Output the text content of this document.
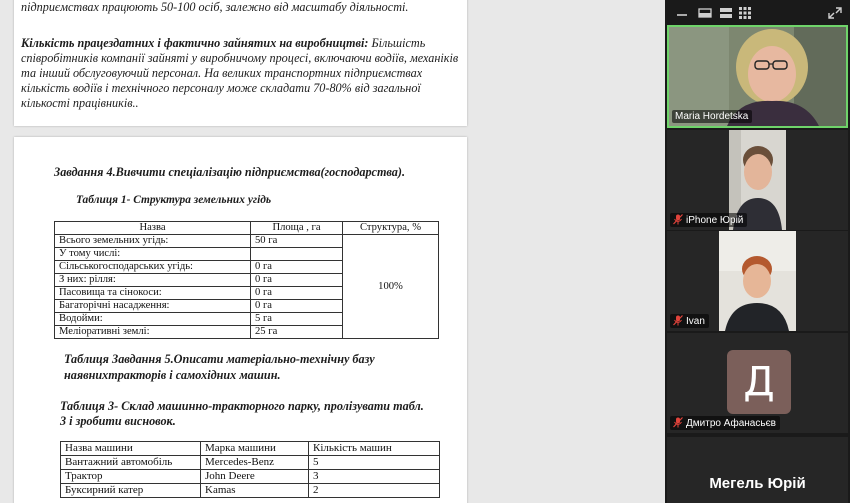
підприємствах працюють 50-100 осіб, залежно від масштабу діяльності.
Кількість працездатних і фактично зайнятих на виробництві: Більшість співробітників компанії зайняті у виробничому процесі, включаючи водіїв, механіків та інший обслуговуючий персонал. На великих транспортних підприємствах кількість водіїв і технічного персоналу може складати 70-80% від загальної кількості працівників..
Завдання 4.Вивчити спеціалізацію підприємства(господарства).
Таблиця 1- Структура земельних угідь
Назва	Площа , га	Структура, %
Всього земельних угідь:	50 га	100%
У тому числі:		
Сільськогосподарських угідь:	0 га	
З них: рілля:	0 га	
Пасовища та сінокоси:	0 га	
Багаторічні насадження:	0 га	
Водойми:	5 га	
Меліоративні землі:	25 га	
Таблиця Завдання 5.Описати матеріально-технічну базу
наявнихтракторів і самохідних машин.
Таблиця 3- Склад машинно-тракторного парку, пролізувати табл.
3 і зробити висновок.
Назва машини	Марка машини	Кількість машин
Вантажний автомобіль	Mercedes-Benz	5
Трактор	John Deere	3
Буксирний катер	Kamas	2
Maria Hordetska
iPhone Юрій
Ivan
Д
Дмитро Афанасьєв
Мегель Юрій
